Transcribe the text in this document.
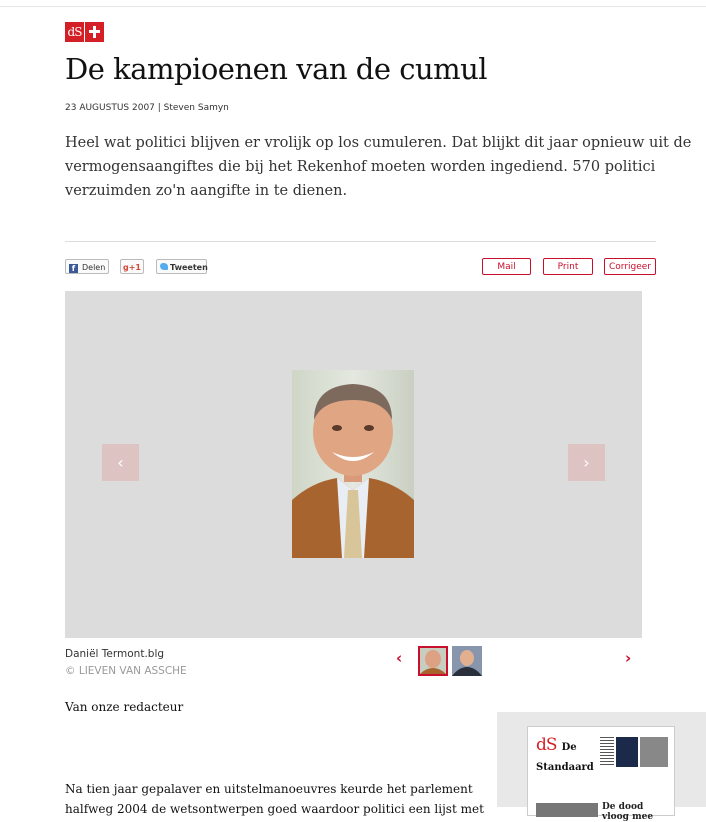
dS
De kampioenen van de cumul
23 AUGUSTUS 2007 | Steven Samyn
Heel wat politici blijven er vrolijk op los cumuleren. Dat blijkt dit jaar opnieuw uit de
vermogensaangiftes die bij het Rekenhof moeten worden ingediend. 570 politici
verzuimden zo'n aangifte in te dienen.
f Delen	g+1	Tweeten	Mail	Print	Corrigeer
‹	›
Daniël Termont.blg
© LIEVEN VAN ASSCHE
‹	›
Van onze redacteur
Na tien jaar gepalaver en uitstelmanoeuvres keurde het parlement
halfweg 2004 de wetsontwerpen goed waardoor politici een lijst met
dS De
Standaard
De dood
vloog mee
